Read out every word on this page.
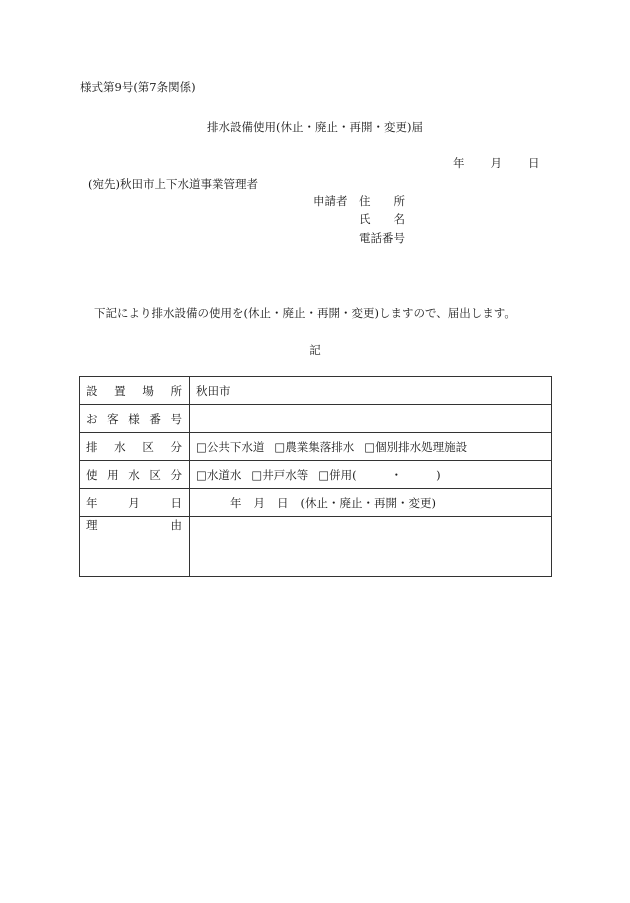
様式第9号(第7条関係)
排水設備使用(休止・廃止・再開・変更)届
年 月 日
(宛先)秋田市上下水道事業管理者
申請者 住　　所
氏　　名
電話番号
下記により排水設備の使用を(休止・廃止・再開・変更)しますので、届出します。
記
設 置 場 所	秋田市

お 客 様 番 号	

排 水 区 分	□公共下水道 □農業集落排水 □個別排水処理施設

使 用 水 区 分	□水道水 □井戸水等 □併用( ・ )

年 月 日	年 月 日 (休止・廃止・再開・変更)

理 由	
